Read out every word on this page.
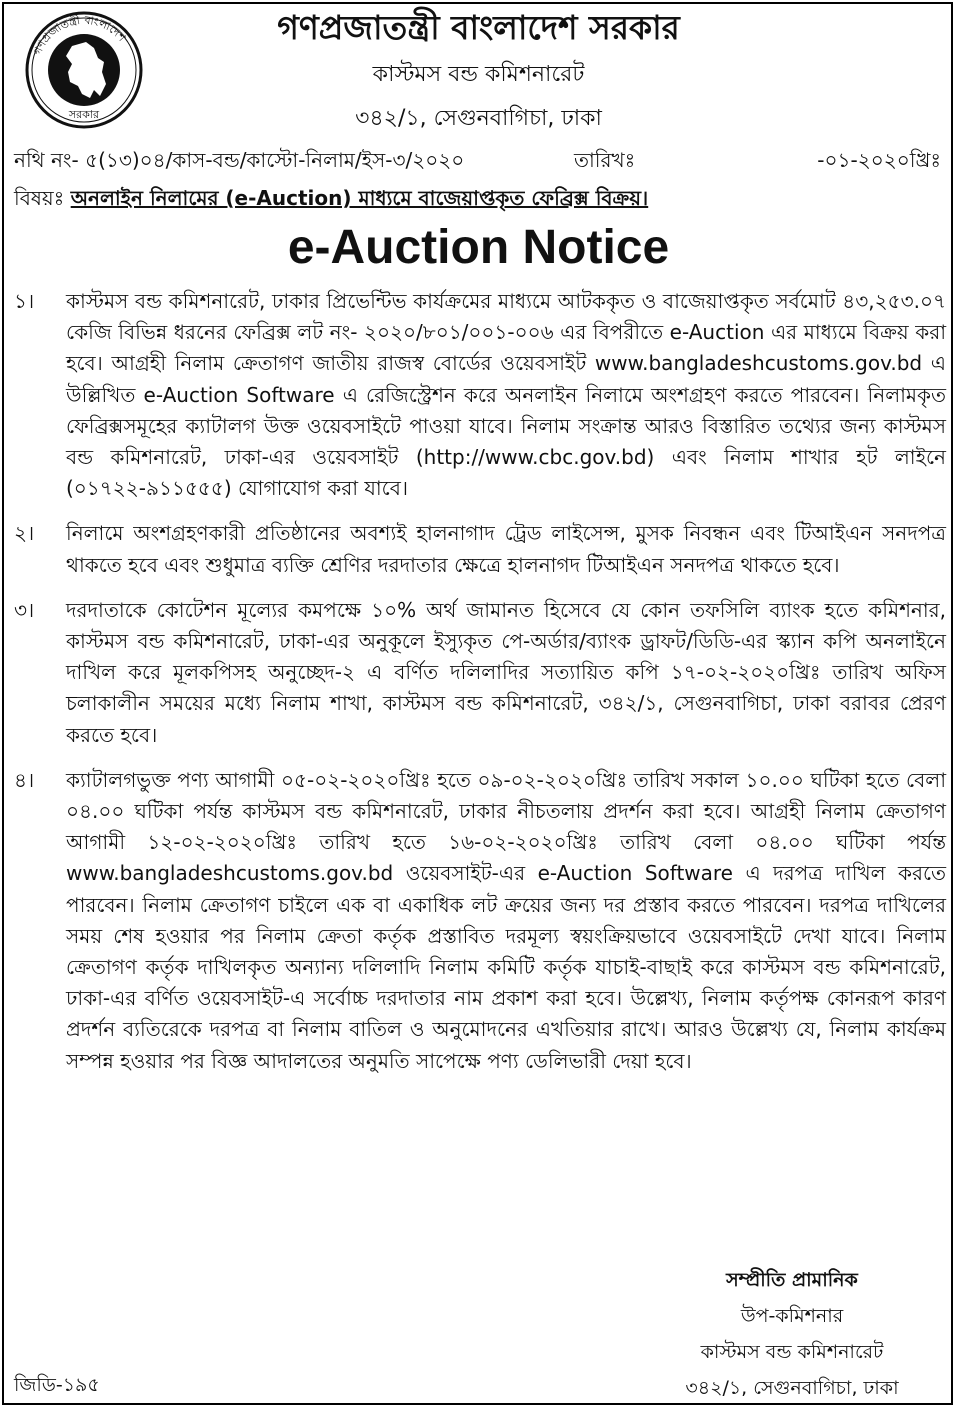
গণপ্রজাতন্ত্রী বাংলাদেশ
সরকার
গণপ্রজাতন্ত্রী বাংলাদেশ সরকার
কাস্টমস বন্ড কমিশনারেট
৩৪২/১, সেগুনবাগিচা, ঢাকা
নথি নং- ৫(১৩)০৪/কাস-বন্ড/কাস্টো-নিলাম/ইস-৩/২০২০	তারিখঃ	-০১-২০২০খ্রিঃ
বিষয়ঃ অনলাইন নিলামের (e-Auction) মাধ্যমে বাজেয়াপ্তকৃত ফেব্রিক্স বিক্রয়।
e-Auction Notice
১। কাস্টমস বন্ড কমিশনারেট, ঢাকার প্রিভেন্টিভ কার্যক্রমের মাধ্যমে আটককৃত ও বাজেয়াপ্তকৃত সর্বমোট ৪৩,২৫৩.০৭ কেজি বিভিন্ন ধরনের ফেব্রিক্স লট নং- ২০২০/৮০১/০০১-০০৬ এর বিপরীতে e-Auction এর মাধ্যমে বিক্রয় করা হবে। আগ্রহী নিলাম ক্রেতাগণ জাতীয় রাজস্ব বোর্ডের ওয়েবসাইট www.bangladeshcustoms.gov.bd এ উল্লিখিত e-Auction Software এ রেজিস্ট্রেশন করে অনলাইন নিলামে অংশগ্রহণ করতে পারবেন। নিলামকৃত ফেব্রিক্সসমূহের ক্যাটালগ উক্ত ওয়েবসাইটে পাওয়া যাবে। নিলাম সংক্রান্ত আরও বিস্তারিত তথ্যের জন্য কাস্টমস বন্ড কমিশনারেট, ঢাকা-এর ওয়েবসাইট (http://www.cbc.gov.bd) এবং নিলাম শাখার হট লাইনে (০১৭২২-৯১১৫৫৫) যোগাযোগ করা যাবে।
২। নিলামে অংশগ্রহণকারী প্রতিষ্ঠানের অবশ্যই হালনাগাদ ট্রেড লাইসেন্স, মুসক নিবন্ধন এবং টিআইএন সনদপত্র থাকতে হবে এবং শুধুমাত্র ব্যক্তি শ্রেণির দরদাতার ক্ষেত্রে হালনাগদ টিআইএন সনদপত্র থাকতে হবে।
৩। দরদাতাকে কোটেশন মূল্যের কমপক্ষে ১০% অর্থ জামানত হিসেবে যে কোন তফসিলি ব্যাংক হতে কমিশনার, কাস্টমস বন্ড কমিশনারেট, ঢাকা-এর অনুকূলে ইস্যুকৃত পে-অর্ডার/ব্যাংক ড্রাফট/ডিডি-এর স্ক্যান কপি অনলাইনে দাখিল করে মূলকপিসহ অনুচ্ছেদ-২ এ বর্ণিত দলিলাদির সত্যায়িত কপি ১৭-০২-২০২০খ্রিঃ তারিখ অফিস চলাকালীন সময়ের মধ্যে নিলাম শাখা, কাস্টমস বন্ড কমিশনারেট, ৩৪২/১, সেগুনবাগিচা, ঢাকা বরাবর প্রেরণ করতে হবে।
৪। ক্যাটালগভুক্ত পণ্য আগামী ০৫-০২-২০২০খ্রিঃ হতে ০৯-০২-২০২০খ্রিঃ তারিখ সকাল ১০.০০ ঘটিকা হতে বেলা ০৪.০০ ঘটিকা পর্যন্ত কাস্টমস বন্ড কমিশনারেট, ঢাকার নীচতলায় প্রদর্শন করা হবে। আগ্রহী নিলাম ক্রেতাগণ আগামী ১২-০২-২০২০খ্রিঃ তারিখ হতে ১৬-০২-২০২০খ্রিঃ তারিখ বেলা ০৪.০০ ঘটিকা পর্যন্ত www.bangladeshcustoms.gov.bd ওয়েবসাইট-এর e-Auction Software এ দরপত্র দাখিল করতে পারবেন। নিলাম ক্রেতাগণ চাইলে এক বা একাধিক লট ক্রয়ের জন্য দর প্রস্তাব করতে পারবেন। দরপত্র দাখিলের সময় শেষ হওয়ার পর নিলাম ক্রেতা কর্তৃক প্রস্তাবিত দরমূল্য স্বয়ংক্রিয়ভাবে ওয়েবসাইটে দেখা যাবে। নিলাম ক্রেতাগণ কর্তৃক দাখিলকৃত অন্যান্য দলিলাদি নিলাম কমিটি কর্তৃক যাচাই-বাছাই করে কাস্টমস বন্ড কমিশনারেট, ঢাকা-এর বর্ণিত ওয়েবসাইট-এ সর্বোচ্চ দরদাতার নাম প্রকাশ করা হবে। উল্লেখ্য, নিলাম কর্তৃপক্ষ কোনরূপ কারণ প্রদর্শন ব্যতিরেকে দরপত্র বা নিলাম বাতিল ও অনুমোদনের এখতিয়ার রাখে। আরও উল্লেখ্য যে, নিলাম কার্যক্রম সম্পন্ন হওয়ার পর বিজ্ঞ আদালতের অনুমতি সাপেক্ষে পণ্য ডেলিভারী দেয়া হবে।
সম্প্রীতি প্রামানিক
উপ-কমিশনার
কাস্টমস বন্ড কমিশনারেট
৩৪২/১, সেগুনবাগিচা, ঢাকা
জিডি-১৯৫
